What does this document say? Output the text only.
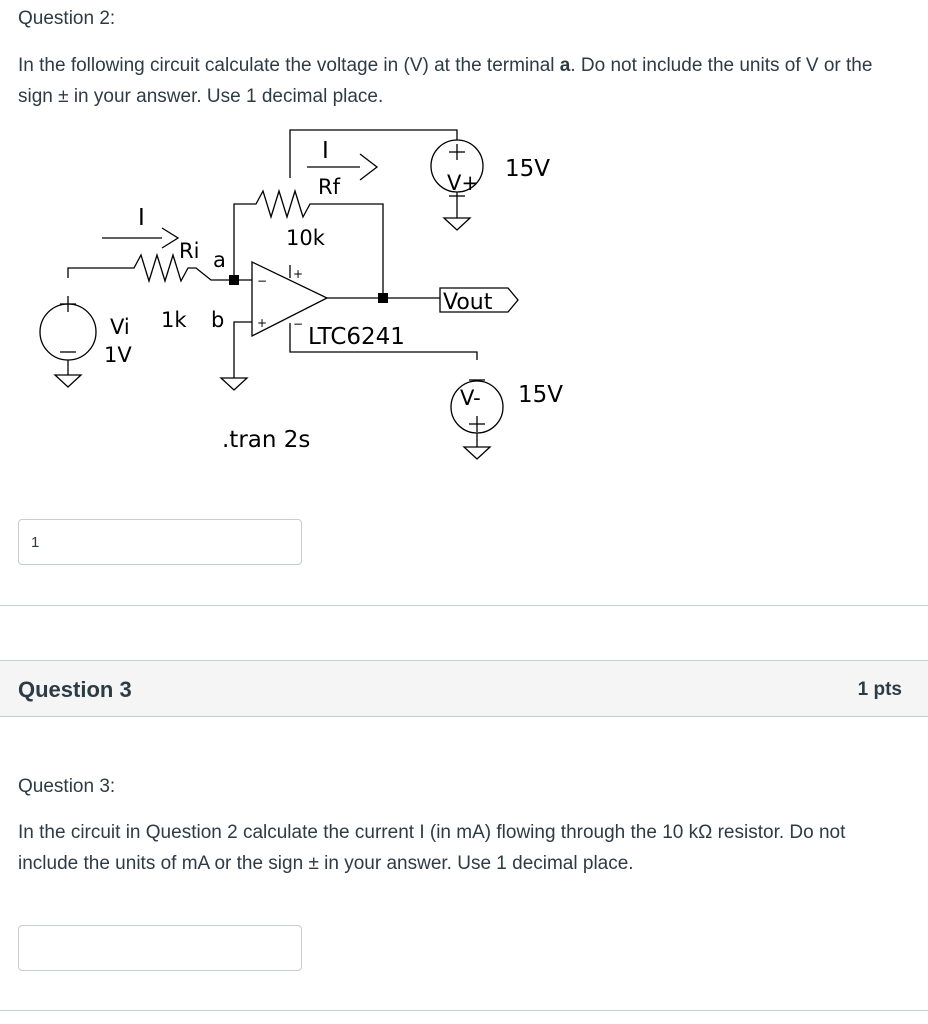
Question 2:
In the following circuit calculate the voltage in (V) at the terminal a. Do not include the units of V or the sign ± in your answer. Use 1 decimal place.
I
Rf
10k
V+
15V
I
Ri a
Vi
1V
1k b
Vout
LTC6241
V- 15V
.tran 2s
−
+
+
−
1
Question 3	1 pts
Question 3:
In the circuit in Question 2 calculate the current I (in mA) flowing through the 10 kΩ resistor. Do not include the units of mA or the sign ± in your answer. Use 1 decimal place.
